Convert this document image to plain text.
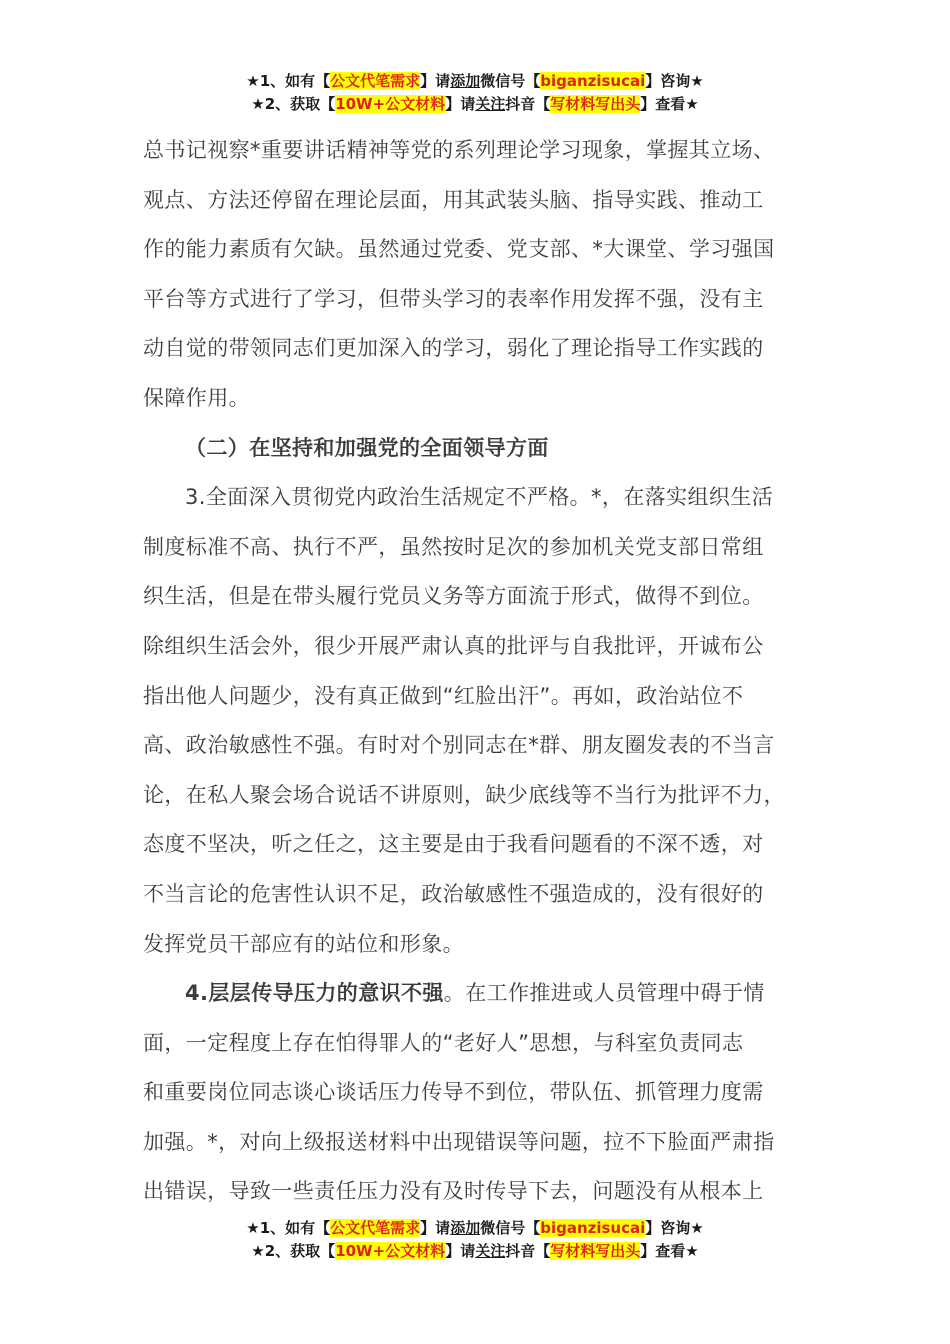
★1、如有【公文代笔需求】请添加微信号【biganzisucai】咨询★
★2、获取【10W+公文材料】请关注抖音【写材料写出头】查看★
总书记视察*重要讲话精神等党的系列理论学习现象，掌握其立场、
观点、方法还停留在理论层面，用其武装头脑、指导实践、推动工
作的能力素质有欠缺。虽然通过党委、党支部、*大课堂、学习强国
平台等方式进行了学习，但带头学习的表率作用发挥不强，没有主
动自觉的带领同志们更加深入的学习，弱化了理论指导工作实践的
保障作用。
（二）在坚持和加强党的全面领导方面
3.全面深入贯彻党内政治生活规定不严格。*，在落实组织生活
制度标准不高、执行不严，虽然按时足次的参加机关党支部日常组
织生活，但是在带头履行党员义务等方面流于形式，做得不到位。
除组织生活会外，很少开展严肃认真的批评与自我批评，开诚布公
指出他人问题少，没有真正做到“红脸出汗”。再如，政治站位不
高、政治敏感性不强。有时对个别同志在*群、朋友圈发表的不当言
论，在私人聚会场合说话不讲原则，缺少底线等不当行为批评不力，
态度不坚决，听之任之，这主要是由于我看问题看的不深不透，对
不当言论的危害性认识不足，政治敏感性不强造成的，没有很好的
发挥党员干部应有的站位和形象。
4.层层传导压力的意识不强。在工作推进或人员管理中碍于情
面，一定程度上存在怕得罪人的“老好人”思想，与科室负责同志
和重要岗位同志谈心谈话压力传导不到位，带队伍、抓管理力度需
加强。*，对向上级报送材料中出现错误等问题，拉不下脸面严肃指
出错误，导致一些责任压力没有及时传导下去，问题没有从根本上
★1、如有【公文代笔需求】请添加微信号【biganzisucai】咨询★
★2、获取【10W+公文材料】请关注抖音【写材料写出头】查看★
